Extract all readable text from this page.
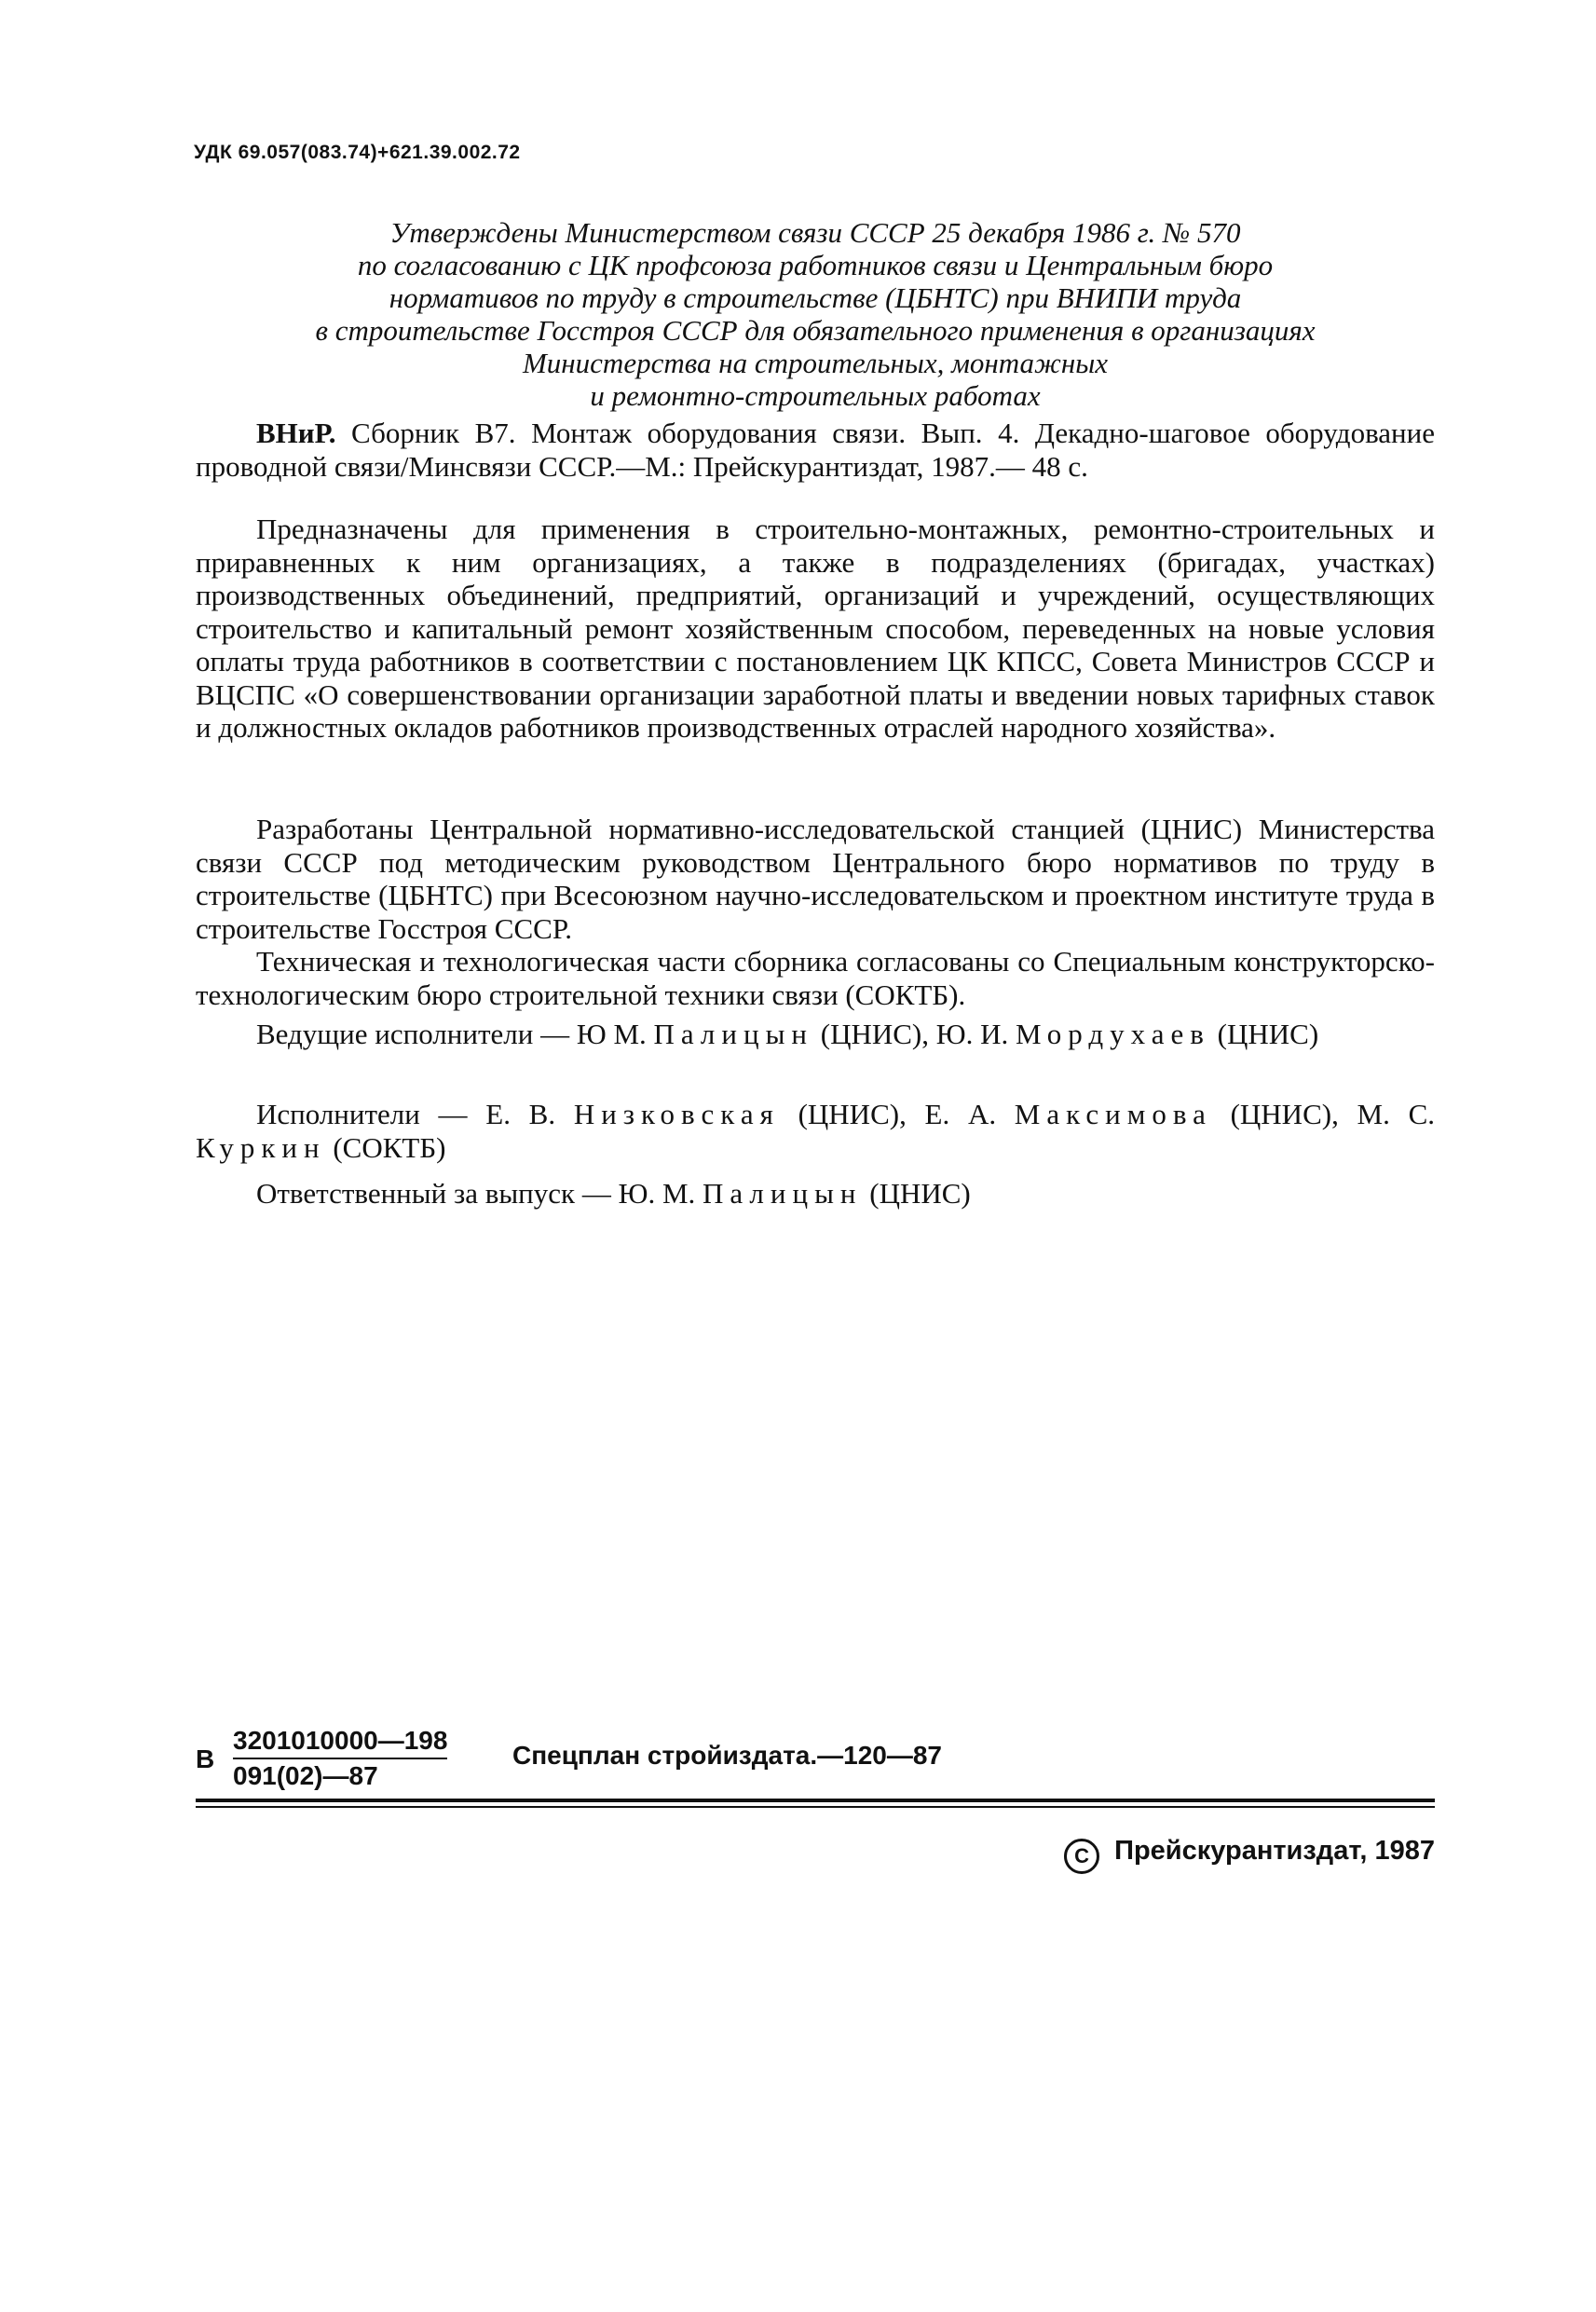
УДК 69.057(083.74)+621.39.002.72
Утверждены Министерством связи СССР 25 декабря 1986 г. № 570
по согласованию с ЦК профсоюза работников связи и Центральным бюро
нормативов по труду в строительстве (ЦБНТС) при ВНИПИ труда
в строительстве Госстроя СССР для обязательного применения в организациях
Министерства на строительных, монтажных
и ремонтно-строительных работах

ВНиР. Сборник В7. Монтаж оборудования связи. Вып. 4. Декадно-шаговое оборудование проводной связи/Минсвязи СССР.—М.: Прейскурантиздат, 1987.— 48 с.

Предназначены для применения в строительно-монтажных, ремонтно-строительных и приравненных к ним организациях, а также в подразделениях (бригадах, участках) производственных объединений, предприятий, организаций и учреждений, осуществляющих строительство и капитальный ремонт хозяйственным способом, переведенных на новые условия оплаты труда работников в соответствии с постановлением ЦК КПСС, Совета Министров СССР и ВЦСПС «О совершенствовании организации заработной платы и введении новых тарифных ставок и должностных окладов работников производственных отраслей народного хозяйства».

Разработаны Центральной нормативно-исследовательской станцией (ЦНИС) Министерства связи СССР под методическим руководством Центрального бюро нормативов по труду в строительстве (ЦБНТС) при Всесоюзном научно-исследовательском и проектном институте труда в строительстве Госстроя СССР.

Техническая и технологическая части сборника согласованы со Специальным конструкторско-технологическим бюро строительной техники связи (СОКТБ).

Ведущие исполнители — Ю М. Палицын (ЦНИС), Ю. И. Мордухаев (ЦНИС)

Исполнители — Е. В. Низковская (ЦНИС), Е. А. Максимова (ЦНИС), М. С. Куркин (СОКТБ)

Ответственный за выпуск — Ю. М. Палицын (ЦНИС)

В $\frac{3201010000—198}{091(02)—87}$ Спецплан стройиздата.—120—87
C Прейскурантиздат, 1987
